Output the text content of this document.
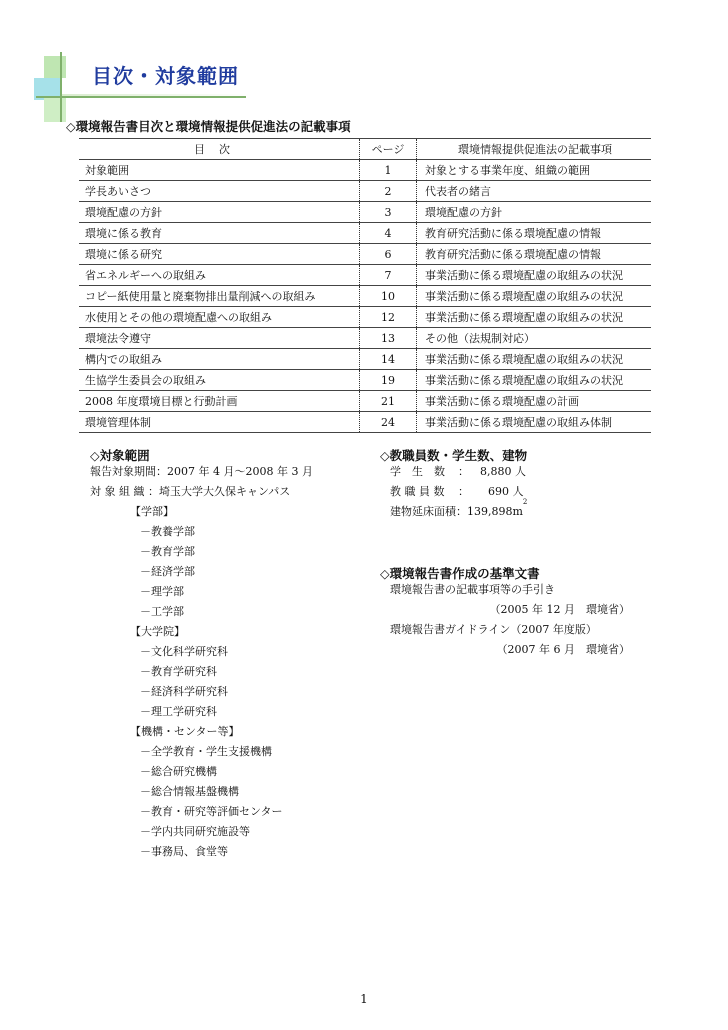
目次・対象範囲
◇環境報告書目次と環境情報提供促進法の記載事項
目次	ページ	環境情報提供促進法の記載事項
対象範囲	1	対象とする事業年度、組織の範囲
学長あいさつ	2	代表者の緒言
環境配慮の方針	3	環境配慮の方針
環境に係る教育	4	教育研究活動に係る環境配慮の情報
環境に係る研究	6	教育研究活動に係る環境配慮の情報
省エネルギーへの取組み	7	事業活動に係る環境配慮の取組みの状況
コピー紙使用量と廃棄物排出量削減への取組み	10	事業活動に係る環境配慮の取組みの状況
水使用とその他の環境配慮への取組み	12	事業活動に係る環境配慮の取組みの状況
環境法令遵守	13	その他（法規制対応）
構内での取組み	14	事業活動に係る環境配慮の取組みの状況
生協学生委員会の取組み	19	事業活動に係る環境配慮の取組みの状況
2008 年度環境目標と行動計画	21	事業活動に係る環境配慮の計画
環境管理体制	24	事業活動に係る環境配慮の取組み体制
◇対象範囲
報告対象期間：2007 年 4 月～2008 年 3 月
対 象 組 織 ：埼玉大学大久保キャンパス
【学部】
－教養学部
－教育学部
－経済学部
－理学部
－工学部
【大学院】
－文化科学研究科
－教育学研究科
－経済科学研究科
－理工学研究科
【機構・センター等】
－全学教育・学生支援機構
－総合研究機構
－総合情報基盤機構
－教育・研究等評価センター
－学内共同研究施設等
－事務局、食堂等
◇教職員数・学生数、建物
学　生　数	：	8,880 人
教 職 員 数	：	690 人
建物延床面積：139,898m
2
◇環境報告書作成の基準文書
環境報告書の記載事項等の手引き
（2005 年 12 月　環境省）
環境報告書ガイドライン（2007 年度版）
（2007 年 6 月　環境省）
1
